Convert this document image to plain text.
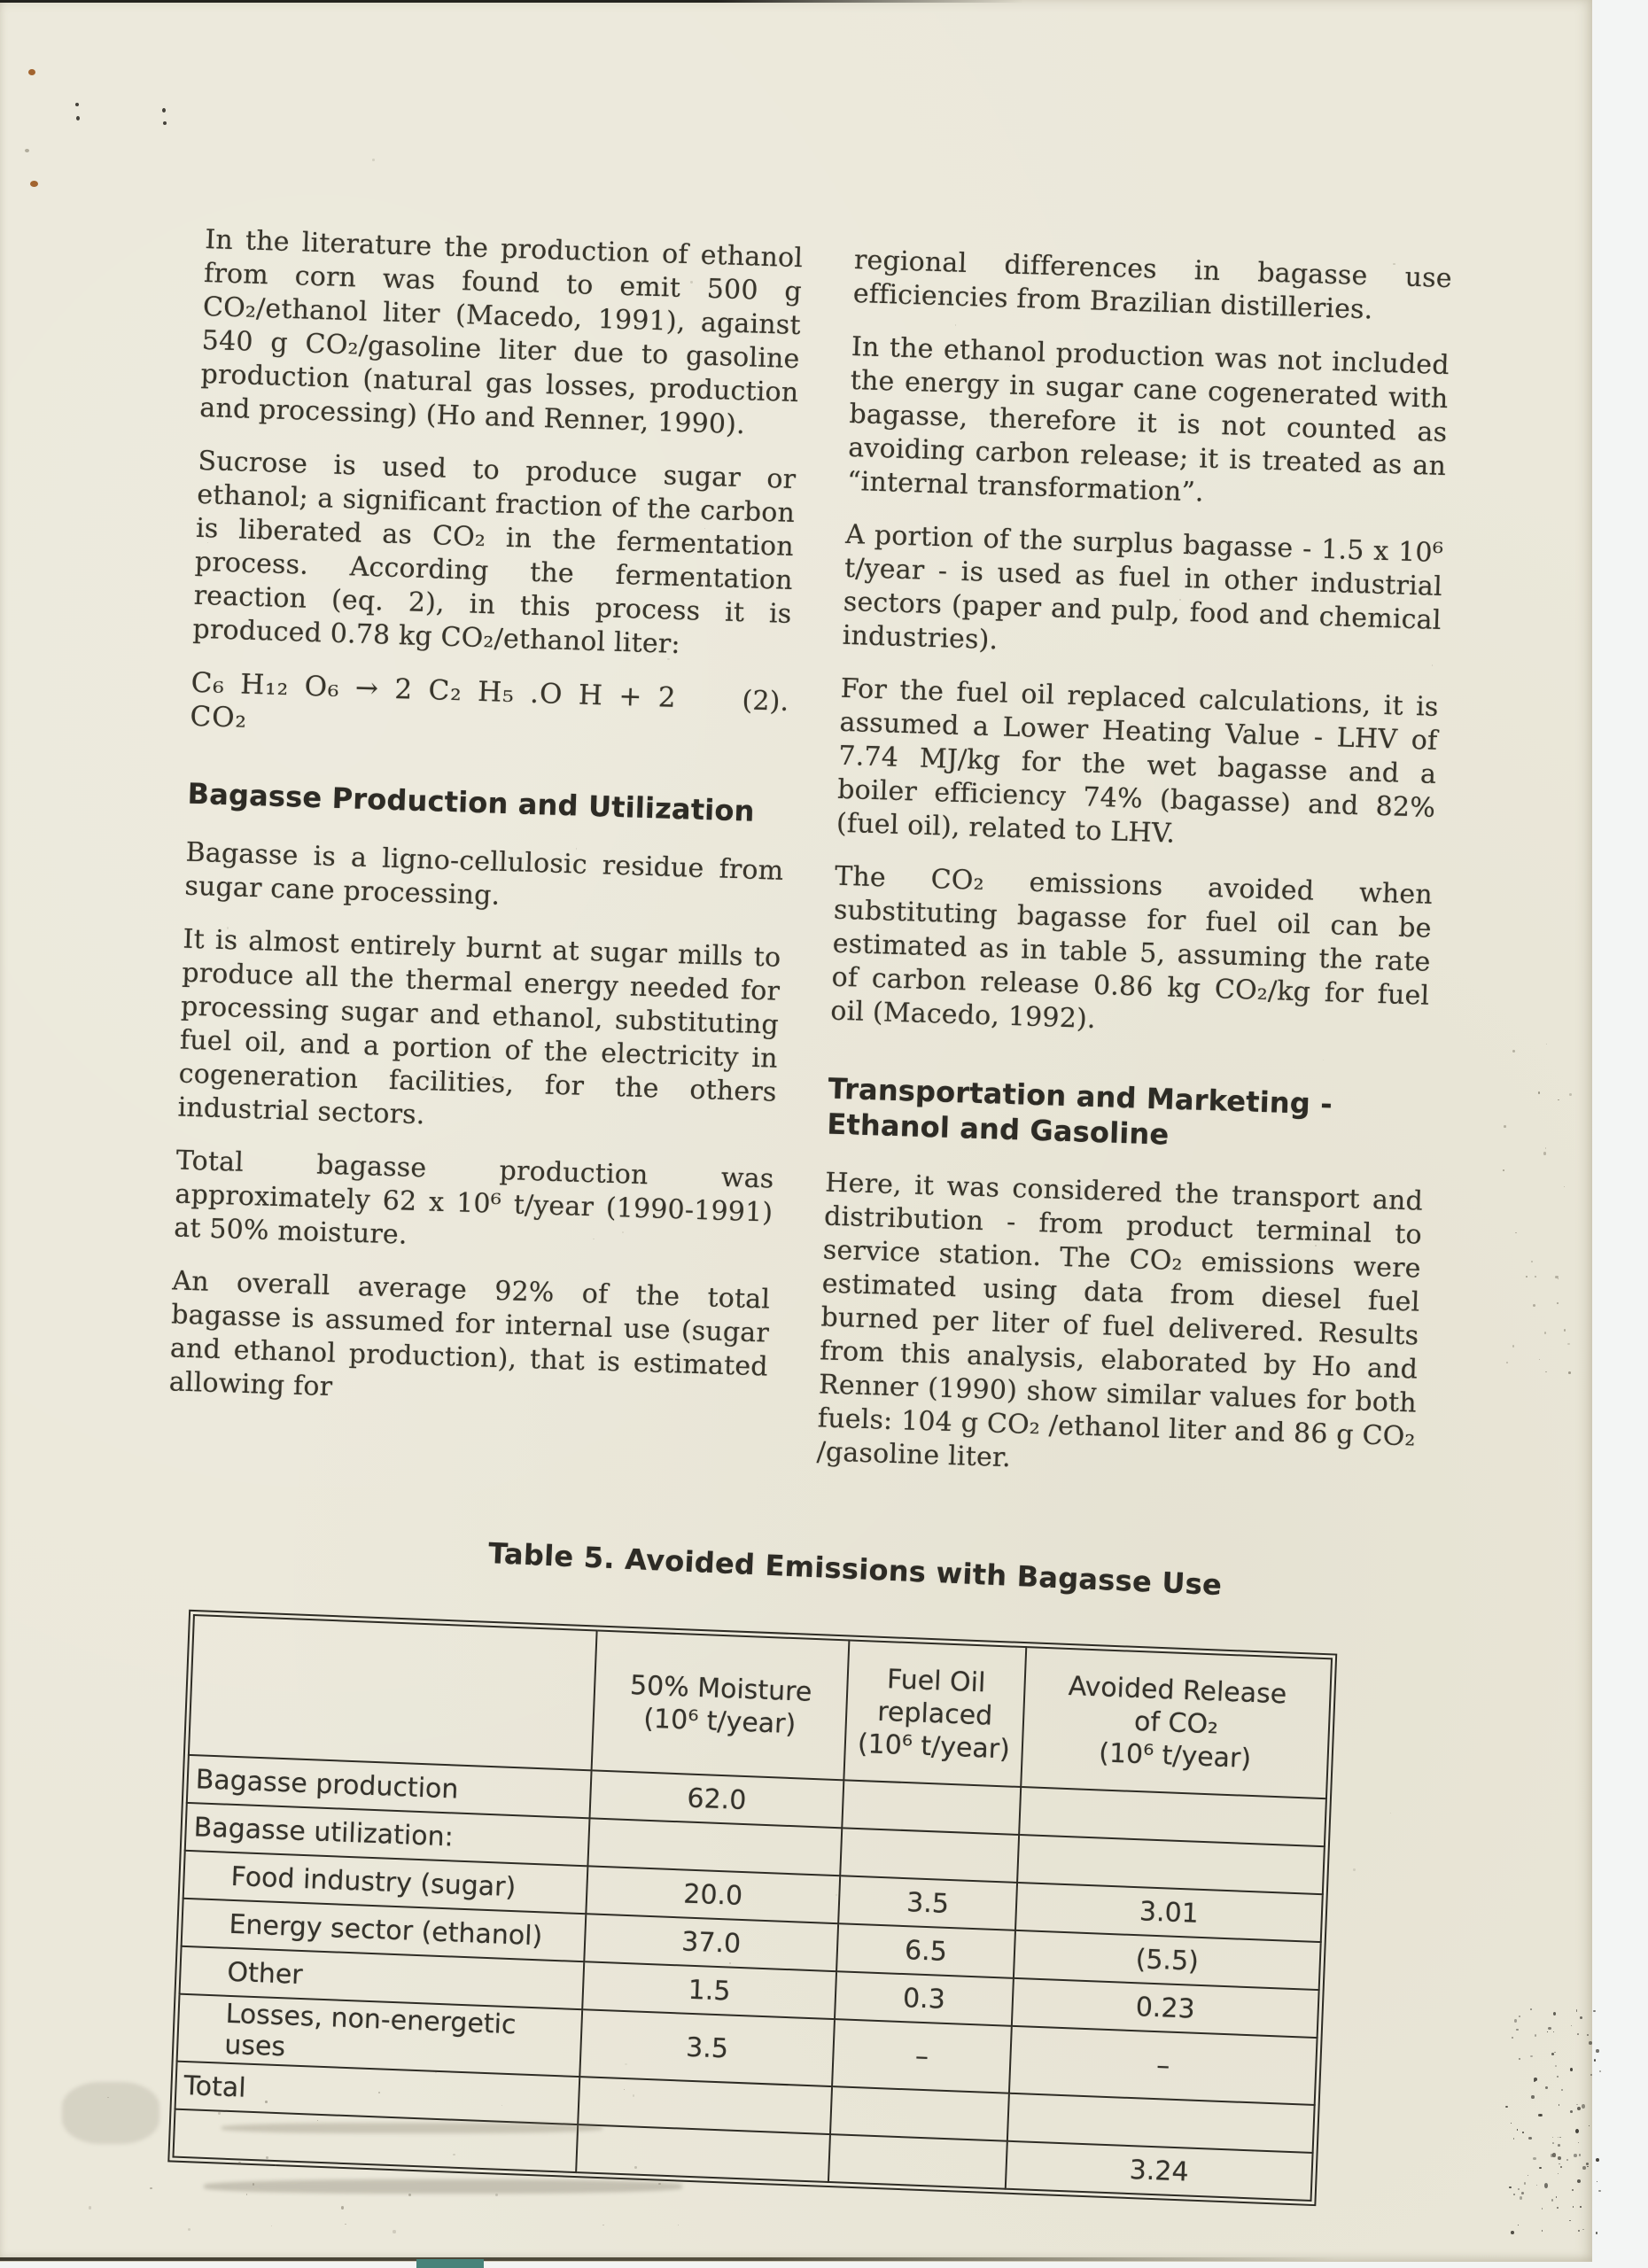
In the literature the production of ethanol from corn was found to emit 500 g CO₂/ethanol liter (Macedo, 1991), against 540 g CO₂/gasoline liter due to gasoline production (natural gas losses, production and processing) (Ho and Renner, 1990).

Sucrose is used to produce sugar or ethanol; a significant fraction of the carbon is liberated as CO₂ in the fermentation process. According the fermentation reaction (eq. 2), in this process it is produced 0.78 kg CO₂/ethanol liter:

C₆ H₁₂ O₆ → 2 C₂ H₅ .O H + 2 CO₂	(2).
Bagasse Production and Utilization

Bagasse is a ligno-cellulosic residue from sugar cane processing.

It is almost entirely burnt at sugar mills to produce all the thermal energy needed for processing sugar and ethanol, substituting fuel oil, and a portion of the electricity in cogeneration facilities, for the others industrial sectors.

Total bagasse production was approximately 62 x 10⁶ t/year (1990-1991) at 50% moisture.

An overall average 92% of the total bagasse is assumed for internal use (sugar and ethanol production), that is estimated allowing for

regional differences in bagasse use efficiencies from Brazilian distilleries.

In the ethanol production was not included the energy in sugar cane cogenerated with bagasse, therefore it is not counted as avoiding carbon release; it is treated as an “internal transformation”.

A portion of the surplus bagasse - 1.5 x 10⁶ t/year - is used as fuel in other industrial sectors (paper and pulp, food and chemical industries).

For the fuel oil replaced calculations, it is assumed a Lower Heating Value - LHV of 7.74 MJ/kg for the wet bagasse and a boiler efficiency 74% (bagasse) and 82% (fuel oil), related to LHV.

The CO₂ emissions avoided when substituting bagasse for fuel oil can be estimated as in table 5, assuming the rate of carbon release 0.86 kg CO₂/kg for fuel oil (Macedo, 1992).

Transportation and Marketing - Ethanol and Gasoline

Here, it was considered the transport and distribution - from product terminal to service station. The CO₂ emissions were estimated using data from diesel fuel burned per liter of fuel delivered. Results from this analysis, elaborated by Ho and Renner (1990) show similar values for both fuels: 104 g CO₂ /ethanol liter and 86 g CO₂ /gasoline liter.

Table 5. Avoided Emissions with Bagasse Use
	50% Moisture
(10⁶ t/year)	Fuel Oil
replaced
(10⁶ t/year)	Avoided Release
of CO₂
(10⁶ t/year)
Bagasse production	62.0		
Bagasse utilization:			
Food industry (sugar)	20.0	3.5	3.01
Energy sector (ethanol)	37.0	6.5	(5.5)
Other	1.5	0.3	0.23
Losses, non-energetic uses	3.5	–	–
Total			
			3.24
